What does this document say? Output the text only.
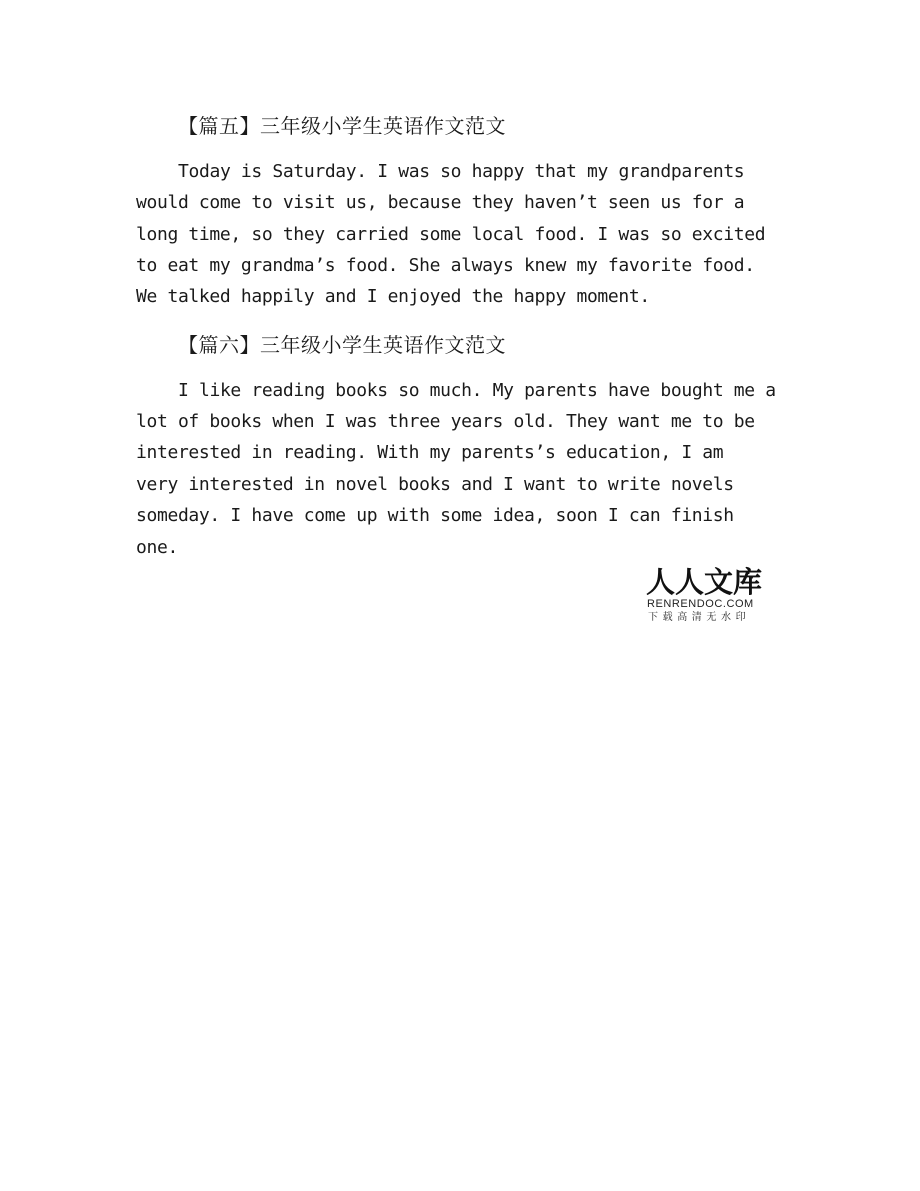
【篇五】三年级小学生英语作文范文
Today is Saturday. I was so happy that my grandparents
would come to visit us, because they haven’t seen us for a
long time, so they carried some local food. I was so excited
to eat my grandma’s food. She always knew my favorite food.
We talked happily and I enjoyed the happy moment.
【篇六】三年级小学生英语作文范文
I like reading books so much. My parents have bought me a
lot of books when I was three years old. They want me to be
interested in reading. With my parents’s education, I am
very interested in novel books and I want to write novels
someday. I have come up with some idea, soon I can finish
one.
人人文库
RENRENDOC.COM
下载高清无水印
